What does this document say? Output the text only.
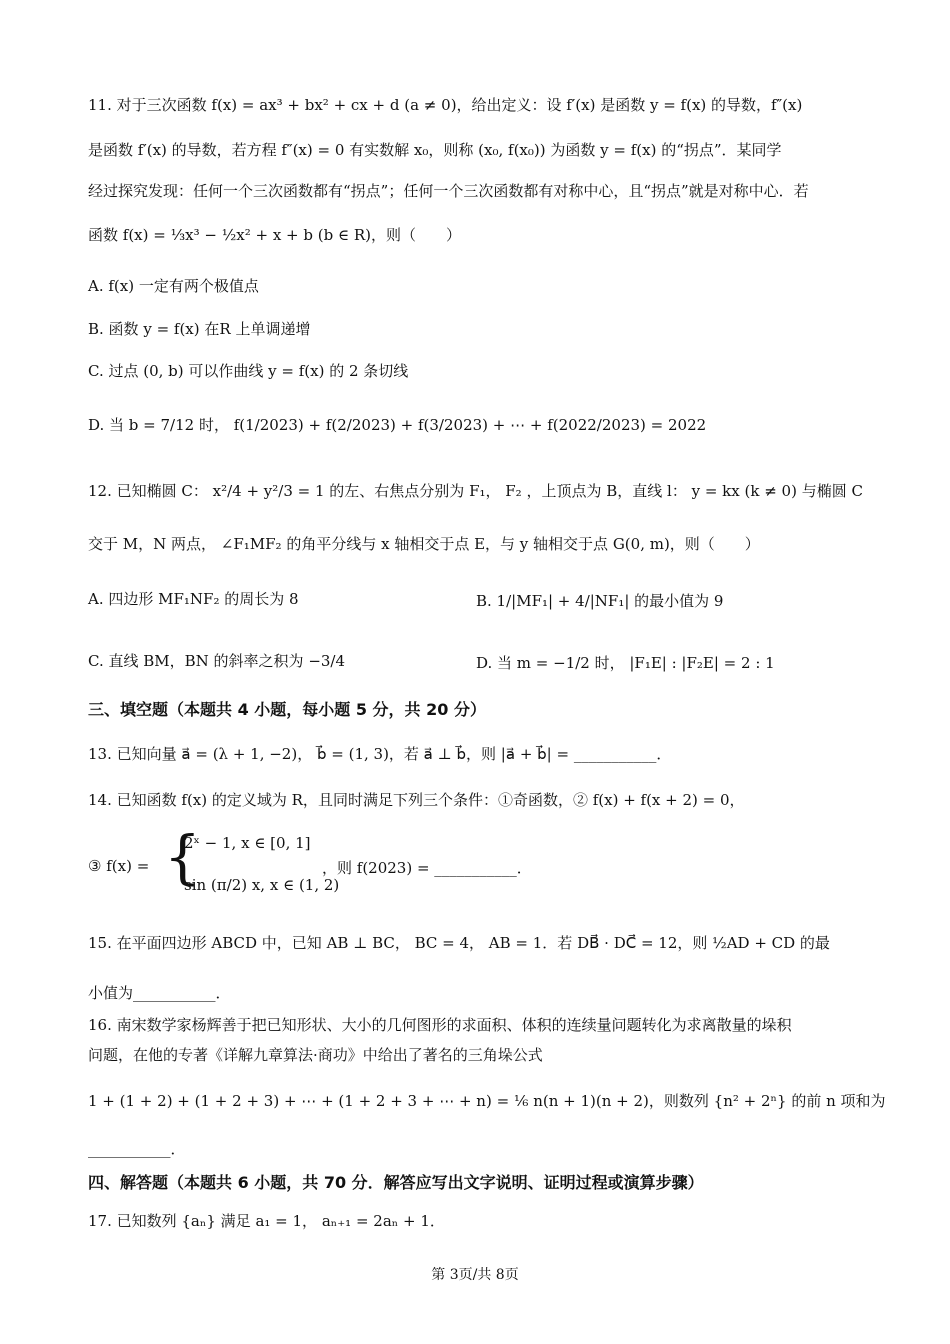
11. 对于三次函数 f(x) = ax³ + bx² + cx + d (a ≠ 0)，给出定义：设 f′(x) 是函数 y = f(x) 的导数，f″(x)
是函数 f′(x) 的导数，若方程 f″(x) = 0 有实数解 x₀，则称 (x₀, f(x₀)) 为函数 y = f(x) 的“拐点”．某同学
经过探究发现：任何一个三次函数都有“拐点”；任何一个三次函数都有对称中心，且“拐点”就是对称中心．若
函数 f(x) = ⅓x³ − ½x² + x + b (b ∈ R)，则（　　）
A. f(x) 一定有两个极值点
B. 函数 y = f(x) 在R 上单调递增
C. 过点 (0, b) 可以作曲线 y = f(x) 的 2 条切线
D. 当 b = 7/12 时， f(1/2023) + f(2/2023) + f(3/2023) + ⋯ + f(2022/2023) = 2022
12. 已知椭圆 C： x²/4 + y²/3 = 1 的左、右焦点分别为 F₁， F₂ ，上顶点为 B，直线 l： y = kx (k ≠ 0) 与椭圆 C
交于 M，N 两点， ∠F₁MF₂ 的角平分线与 x 轴相交于点 E，与 y 轴相交于点 G(0, m)，则（　　）
A. 四边形 MF₁NF₂ 的周长为 8	B. 1/|MF₁| + 4/|NF₁| 的最小值为 9
C. 直线 BM，BN 的斜率之积为 −3/4	D. 当 m = −1/2 时， |F₁E| : |F₂E| = 2 : 1
三、填空题（本题共 4 小题，每小题 5 分，共 20 分）
13. 已知向量 a⃗ = (λ + 1, −2)， b⃗ = (1, 3)，若 a⃗ ⊥ b⃗，则 |a⃗ + b⃗| = ___________．
14. 已知函数 f(x) 的定义域为 R，且同时满足下列三个条件：①奇函数，② f(x) + f(x + 2) = 0，
③ f(x) = {
2ˣ − 1, x ∈ [0, 1]
sin (π/2) x, x ∈ (1, 2)
，则 f(2023) = ___________．
15. 在平面四边形 ABCD 中，已知 AB ⊥ BC， BC = 4， AB = 1．若 DB⃗ · DC⃗ = 12，则 ½AD + CD 的最
小值为___________．
16. 南宋数学家杨辉善于把已知形状、大小的几何图形的求面积、体积的连续量问题转化为求离散量的垛积
问题，在他的专著《详解九章算法·商功》中给出了著名的三角垛公式
1 + (1 + 2) + (1 + 2 + 3) + ⋯ + (1 + 2 + 3 + ⋯ + n) = ⅙ n(n + 1)(n + 2)，则数列 {n² + 2ⁿ} 的前 n 项和为
___________．
四、解答题（本题共 6 小题，共 70 分．解答应写出文字说明、证明过程或演算步骤）
17. 已知数列 {aₙ} 满足 a₁ = 1， aₙ₊₁ = 2aₙ + 1．
第 3页/共 8页
